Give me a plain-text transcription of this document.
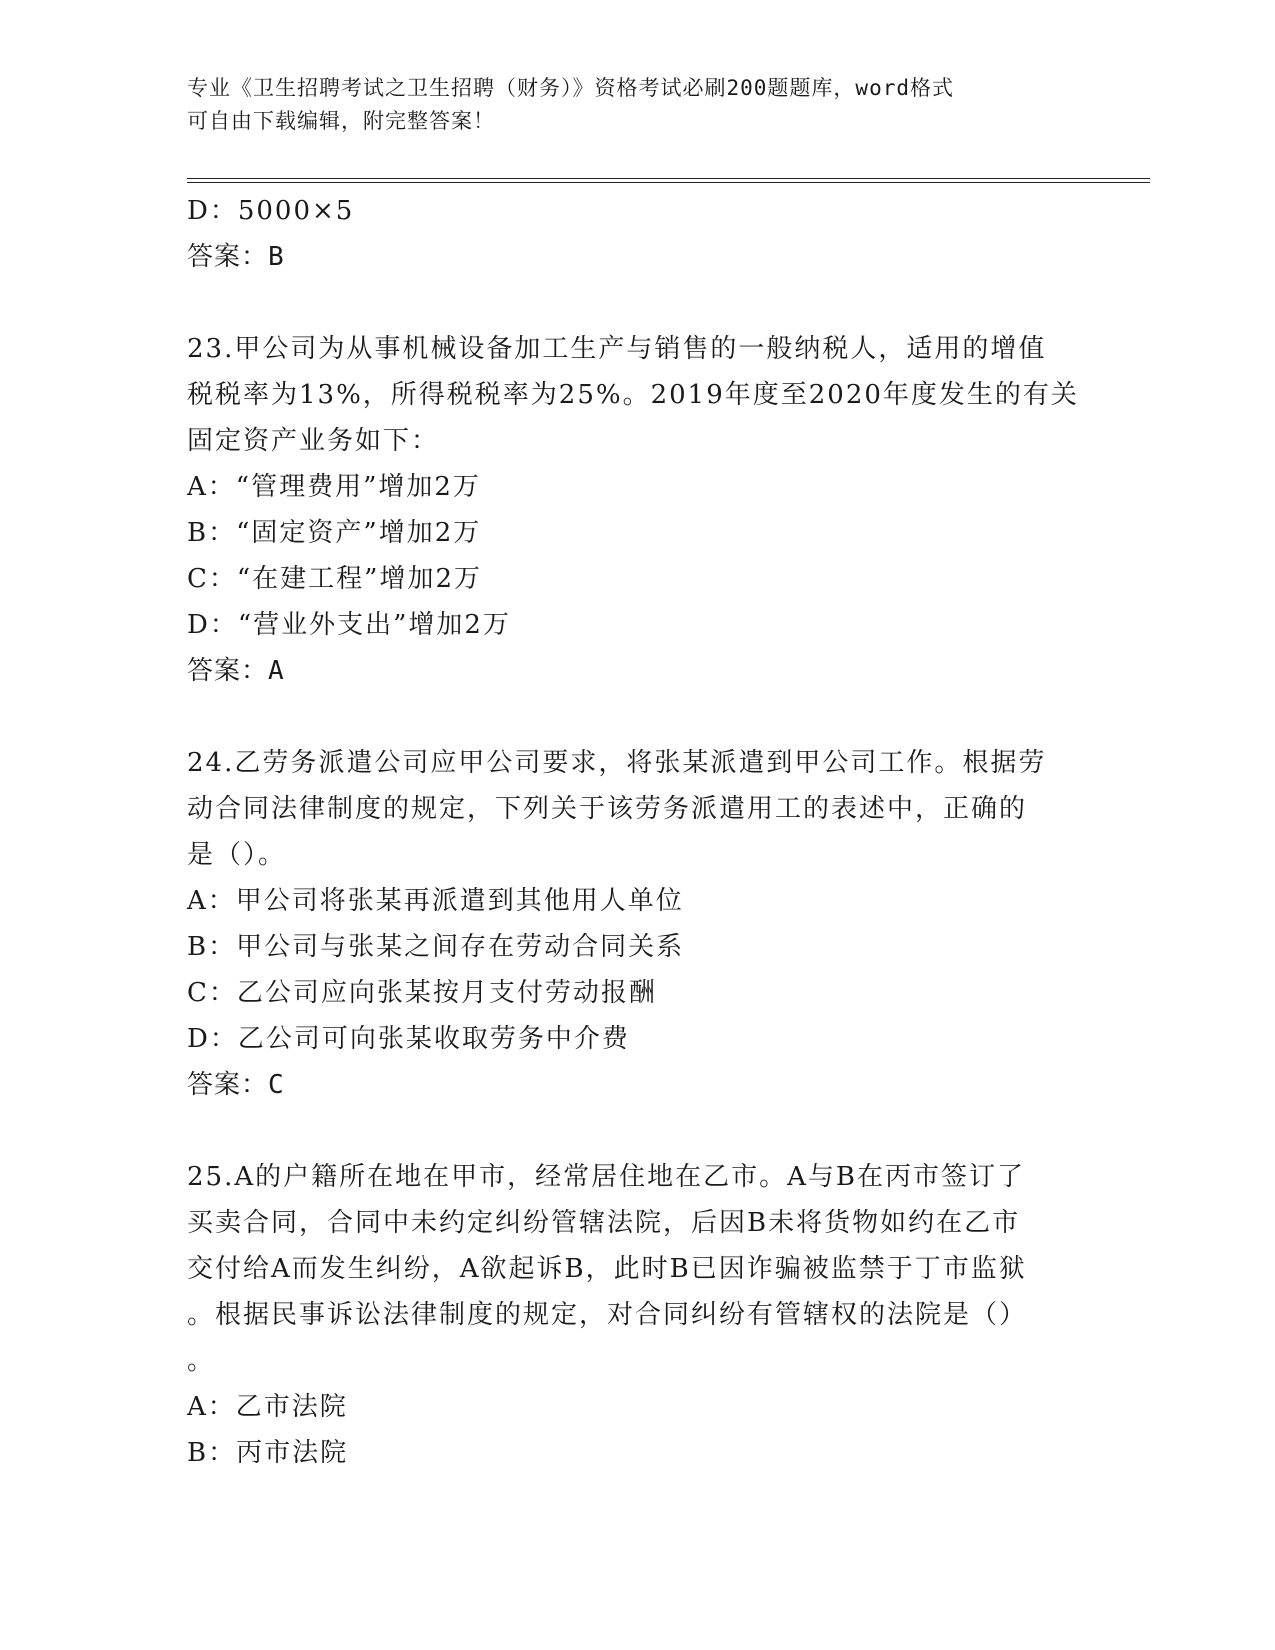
专业《卫生招聘考试之卫生招聘（财务）》资格考试必刷200题题库，word格式
可自由下载编辑，附完整答案！
D：5000×5
答案：B
23.甲公司为从事机械设备加工生产与销售的一般纳税人，适用的增值
税税率为13%，所得税税率为25%。2019年度至2020年度发生的有关
固定资产业务如下：
A：“管理费用”增加2万
B：“固定资产”增加2万
C：“在建工程”增加2万
D：“营业外支出”增加2万
答案：A
24.乙劳务派遣公司应甲公司要求，将张某派遣到甲公司工作。根据劳
动合同法律制度的规定，下列关于该劳务派遣用工的表述中，正确的
是（）。
A：甲公司将张某再派遣到其他用人单位
B：甲公司与张某之间存在劳动合同关系
C：乙公司应向张某按月支付劳动报酬
D：乙公司可向张某收取劳务中介费
答案：C
25.A的户籍所在地在甲市，经常居住地在乙市。A与B在丙市签订了
买卖合同，合同中未约定纠纷管辖法院，后因B未将货物如约在乙市
交付给A而发生纠纷，A欲起诉B，此时B已因诈骗被监禁于丁市监狱
。根据民事诉讼法律制度的规定，对合同纠纷有管辖权的法院是（）
。
A：乙市法院
B：丙市法院
